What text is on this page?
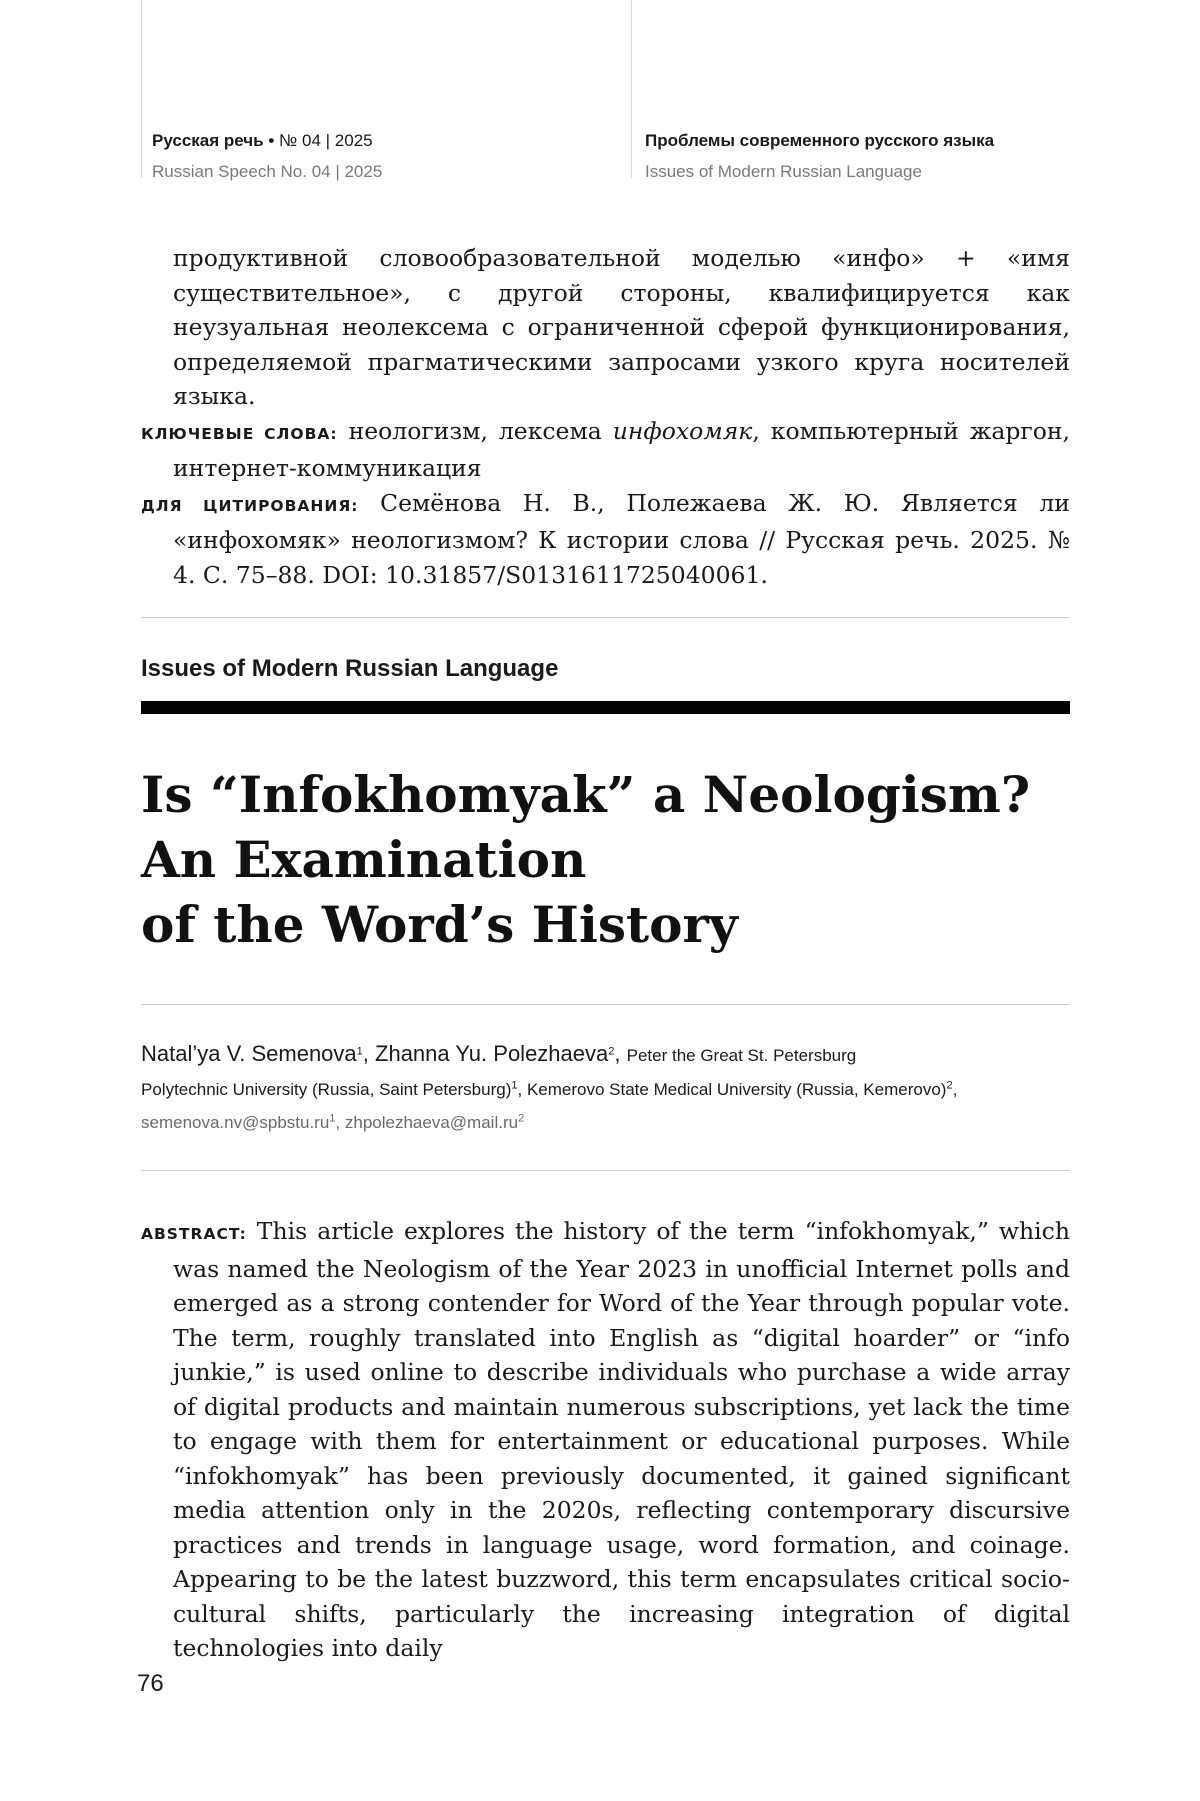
Русская речь • № 04 | 2025
Russian Speech No. 04 | 2025
Проблемы современного русского языка
Issues of Modern Russian Language

продуктивной словообразовательной моделью «инфо» + «имя существительное», с другой стороны, квалифицируется как неузуальная неолексема с ограниченной сферой функционирования, определяемой прагматическими запросами узкого круга носителей языка.

КЛЮЧЕВЫЕ СЛОВА: неологизм, лексема инфохомяк, компьютерный жаргон, интернет-коммуникация

ДЛЯ ЦИТИРОВАНИЯ: Семёнова Н. В., Полежаева Ж. Ю. Является ли «инфохомяк» неологизмом? К истории слова // Русская речь. 2025. № 4. С. 75–88. DOI: 10.31857/S0131611725040061.

Issues of Modern Russian Language
Is “Infokhomyak” a Neologism?
An Examination
of the Word’s History
Natal’ya V. Semenova$^1$, Zhanna Yu. Polezhaeva$^2$, Peter the Great St. Petersburg
Polytechnic University (Russia, Saint Petersburg)$^1$, Kemerovo State Medical University (Russia, Kemerovo)$^2$,
$semenova.nv@spbstu.ru^1$, $zhpolezhaeva@mail.ru^2$

ABSTRACT: This article explores the history of the term “infokhomyak,” which was named the Neologism of the Year 2023 in unofficial Internet polls and emerged as a strong contender for Word of the Year through popular vote. The term, roughly translated into English as “digital hoarder” or “info junkie,” is used online to describe individuals who purchase a wide array of digital products and maintain numerous subscriptions, yet lack the time to engage with them for entertainment or educational purposes. While “infokhomyak” has been previously documented, it gained significant media attention only in the 2020s, reflecting contemporary discursive practices and trends in language usage, word formation, and coinage. Appearing to be the latest buzzword, this term encapsulates critical socio-cultural shifts, particularly the increasing integration of digital technologies into daily

76
